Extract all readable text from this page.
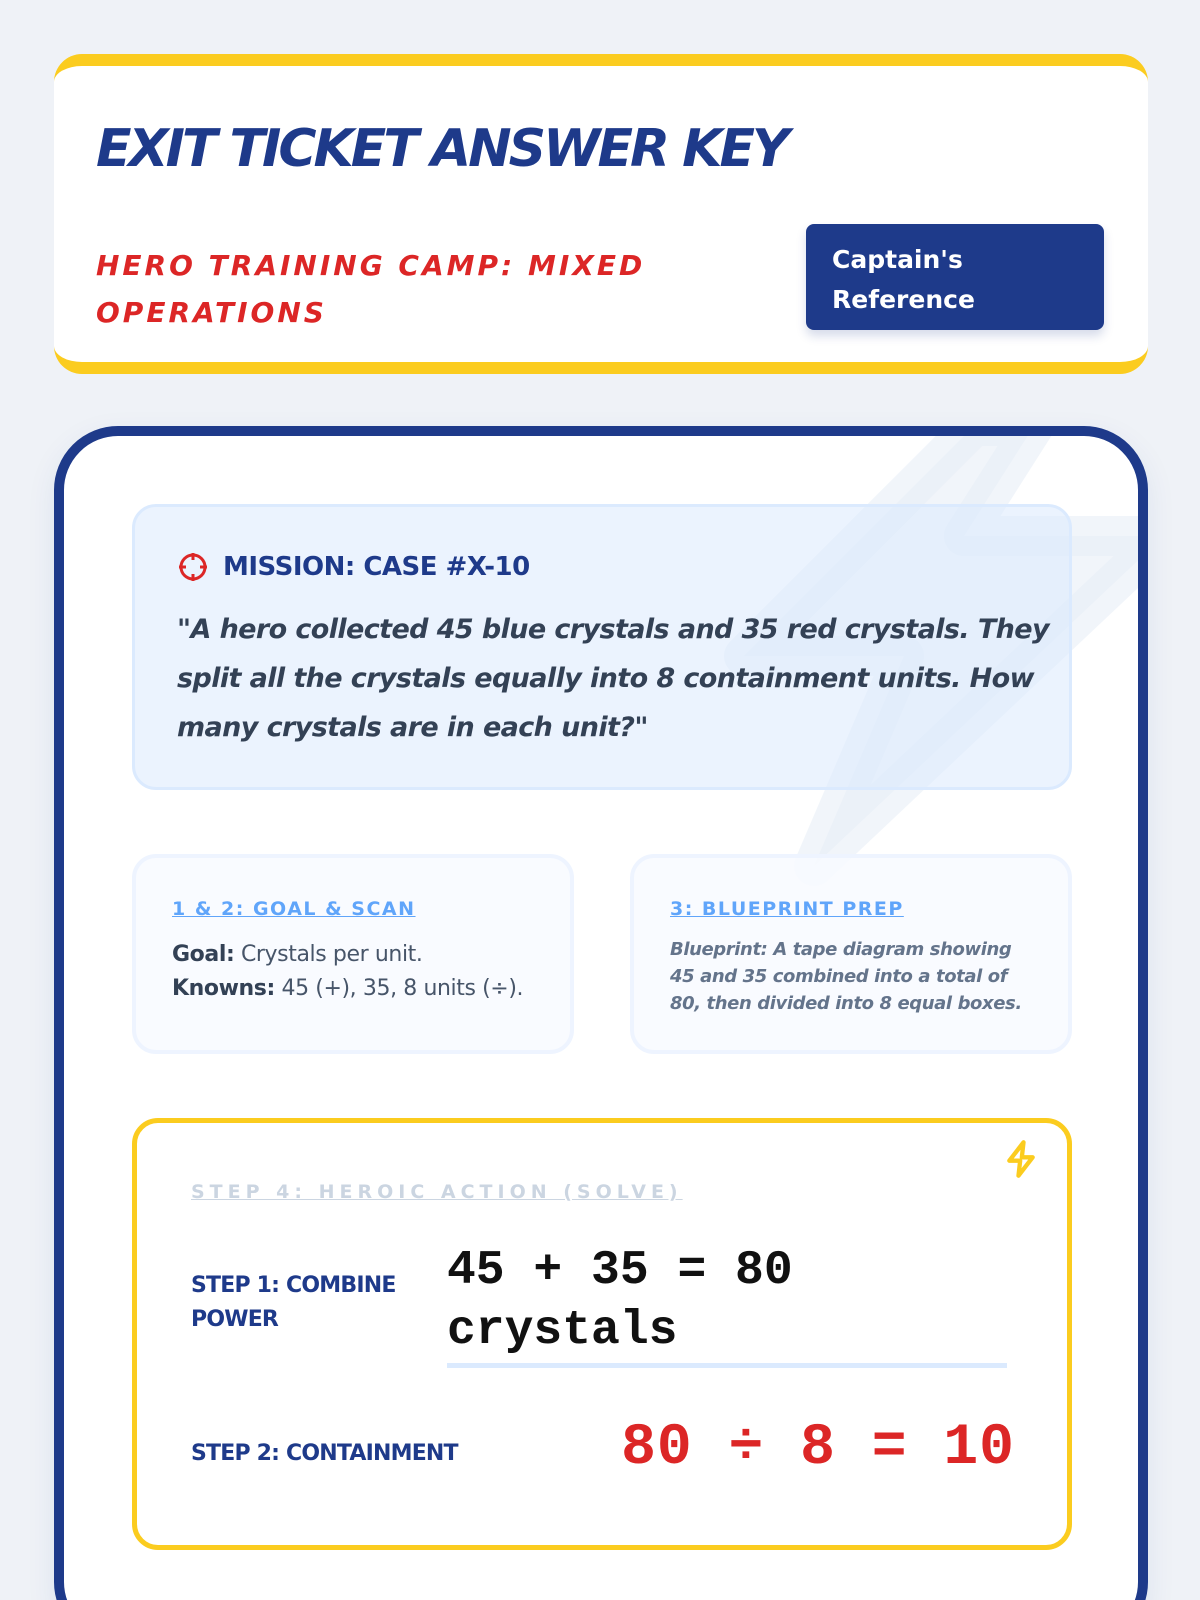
EXIT TICKET ANSWER KEY
HERO TRAINING CAMP: MIXED OPERATIONS
Captain's Reference
MISSION: CASE #X-10
"A hero collected 45 blue crystals and 35 red crystals. They split all the crystals equally into 8 containment units. How many crystals are in each unit?"
1 & 2: GOAL & SCAN
Goal: Crystals per unit.
Knowns: 45 (+), 35, 8 units (÷).
3: BLUEPRINT PREP
Blueprint: A tape diagram showing 45 and 35 combined into a total of 80, then divided into 8 equal boxes.
STEP 4: HEROIC ACTION (SOLVE)
STEP 1: COMBINE POWER
45 + 35 = 80 crystals
STEP 2: CONTAINMENT	80 ÷ 8 = 10
